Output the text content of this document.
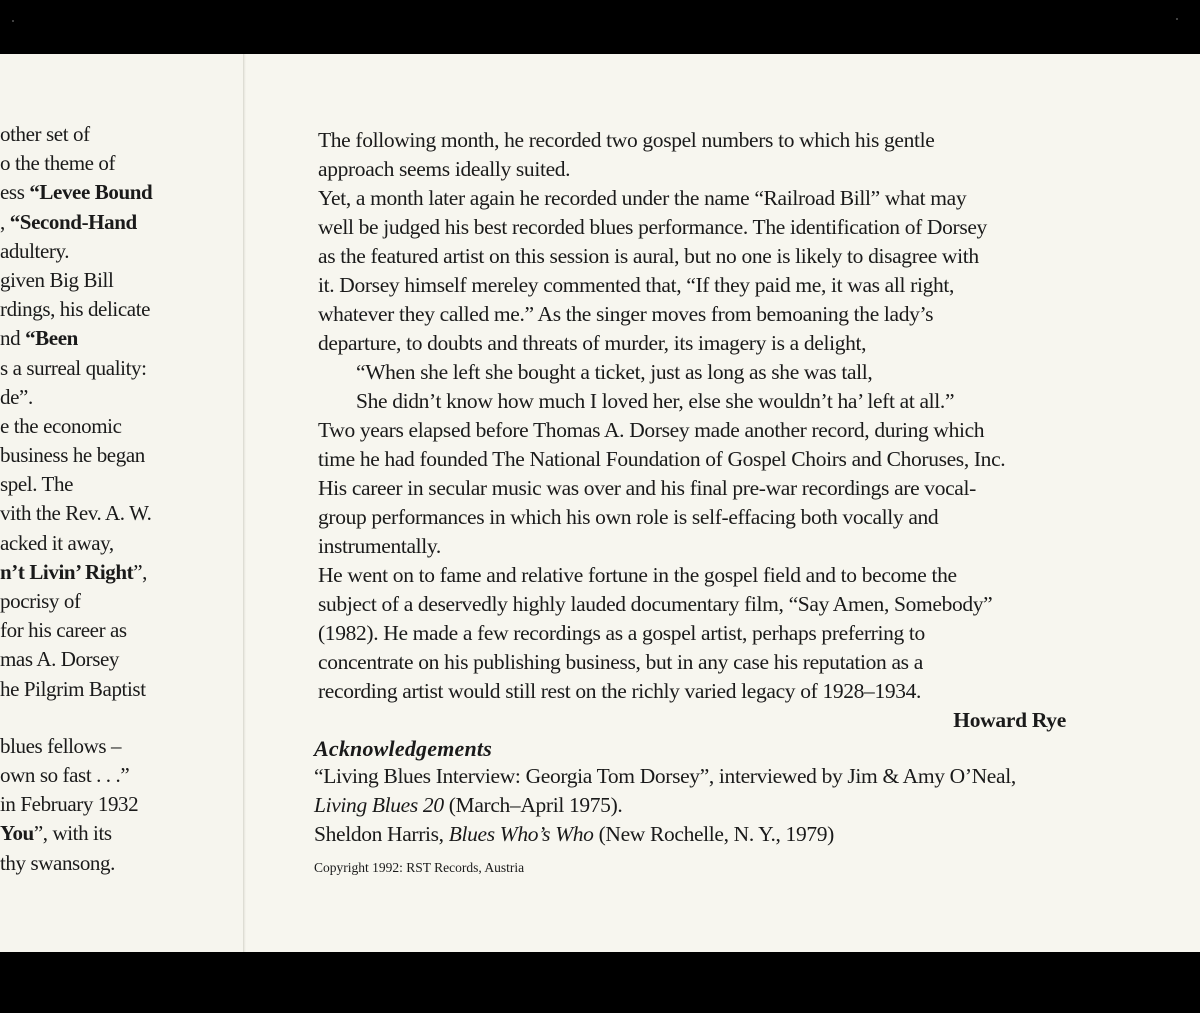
other set of
o the theme of
ess “Levee Bound
, “Second-Hand
adultery.
given Big Bill
rdings, his delicate
nd “Been
s a surreal quality:
de”.
e the economic
business he began
spel. The
vith the Rev. A. W.
acked it away,
n’t Livin’ Right”,
pocrisy of
for his career as
mas A. Dorsey
he Pilgrim Baptist
blues fellows –
own so fast . . .”
in February 1932
You”, with its
thy swansong.

The following month, he recorded two gospel numbers to which his gentle

approach seems ideally suited.

Yet, a month later again he recorded under the name “Railroad Bill” what may

well be judged his best recorded blues performance. The identification of Dorsey

as the featured artist on this session is aural, but no one is likely to disagree with

it. Dorsey himself mereley commented that, “If they paid me, it was all right,

whatever they called me.” As the singer moves from bemoaning the lady’s

departure, to doubts and threats of murder, its imagery is a delight,

“When she left she bought a ticket, just as long as she was tall,

She didn’t know how much I loved her, else she wouldn’t ha’ left at all.”

Two years elapsed before Thomas A. Dorsey made another record, during which

time he had founded The National Foundation of Gospel Choirs and Choruses, Inc.

His career in secular music was over and his final pre-war recordings are vocal-

group performances in which his own role is self-effacing both vocally and

instrumentally.

He went on to fame and relative fortune in the gospel field and to become the

subject of a deservedly highly lauded documentary film, “Say Amen, Somebody”

(1982). He made a few recordings as a gospel artist, perhaps preferring to

concentrate on his publishing business, but in any case his reputation as a

recording artist would still rest on the richly varied legacy of 1928–1934.

Howard Rye

Acknowledgements

“Living Blues Interview: Georgia Tom Dorsey”, interviewed by Jim & Amy O’Neal,

Living Blues 20 (March–April 1975).

Sheldon Harris, Blues Who’s Who (New Rochelle, N. Y., 1979)

Copyright 1992: RST Records, Austria
